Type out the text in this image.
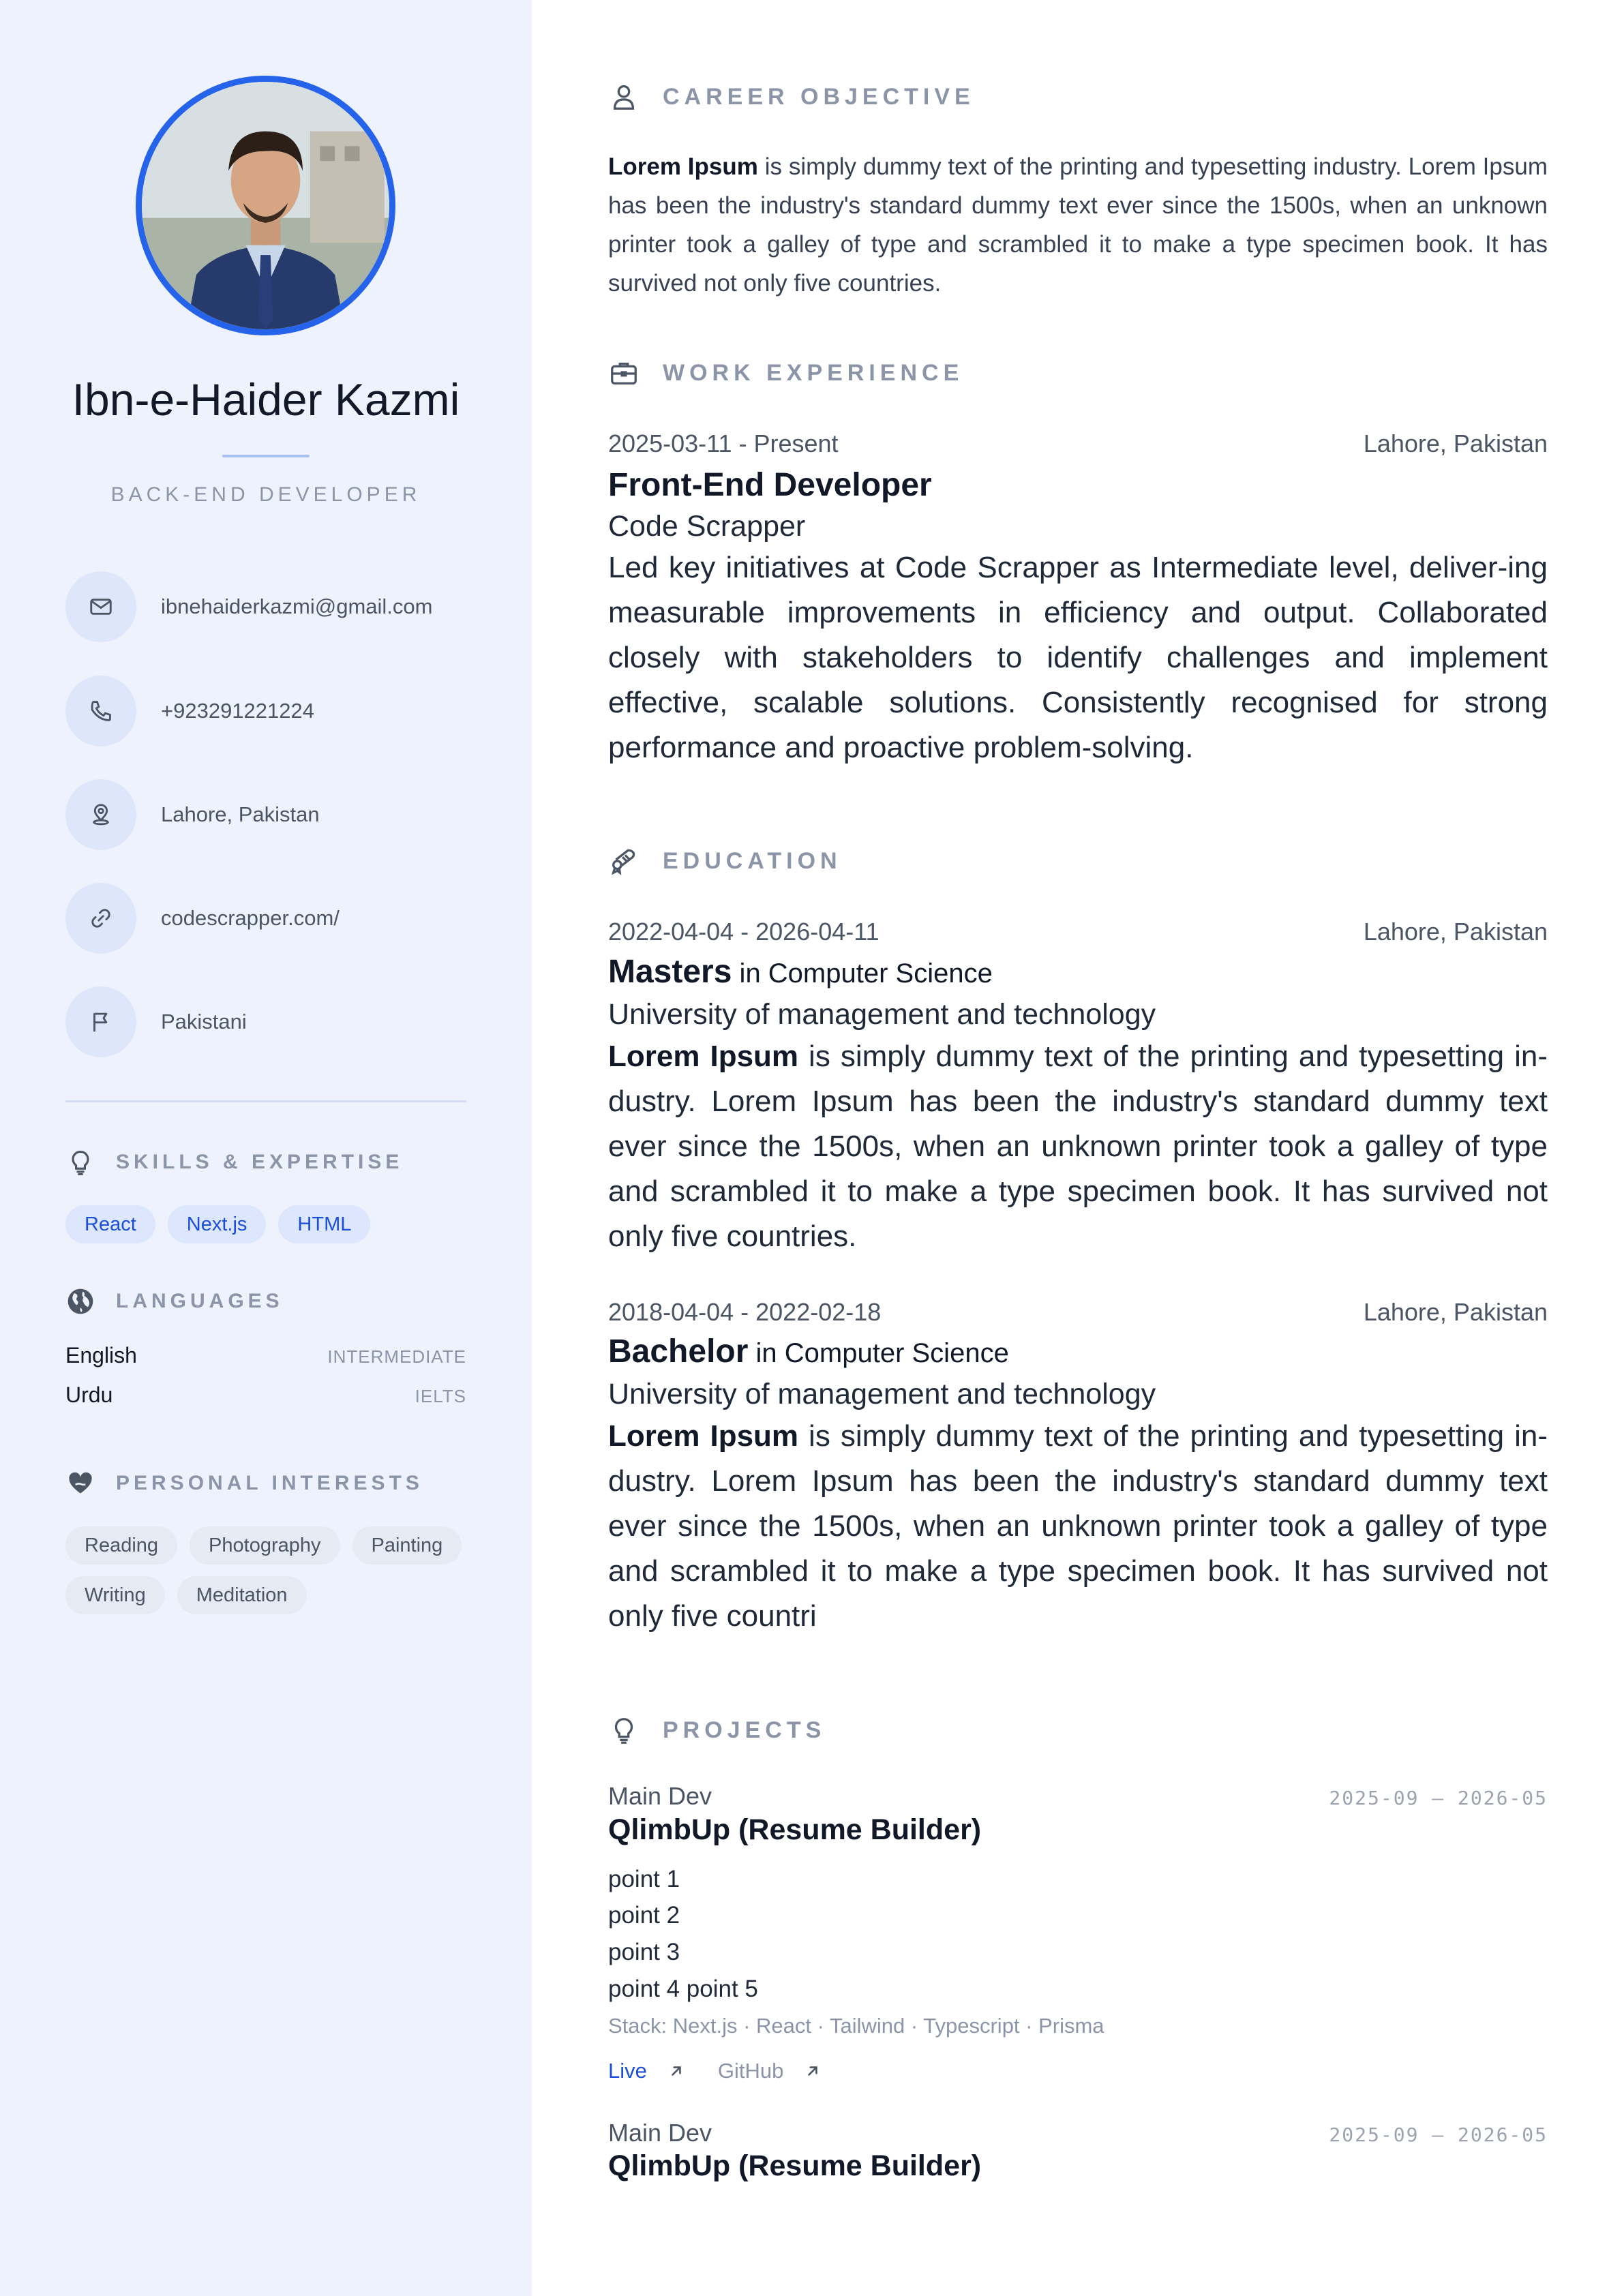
Ibn-e-Haider Kazmi
BACK-END DEVELOPER
ibnehaiderkazmi@gmail.com
+923291221224
Lahore, Pakistan
codescrapper.com/
Pakistani
SKILLS & EXPERTISE
React	Next.js	HTML
LANGUAGES
English	INTERMEDIATE
Urdu	IELTS
PERSONAL INTERESTS
Reading	Photography	Painting
Writing	Meditation
CAREER OBJECTIVE
Lorem Ipsum is simply dummy text of the printing and typesetting industry. Lorem Ipsum has been the industry's standard dummy text ever since the 1500s, when an unknown printer took a galley of type and scrambled it to make a type specimen book. It has survived not only five countries.
WORK EXPERIENCE
2025-03-11 - Present	Lahore, Pakistan
Front-End Developer
Code Scrapper
Led key initiatives at Code Scrapper as Intermediate level, deliver-ing measurable improvements in efficiency and output. Collaborated closely with stakeholders to identify challenges and implement effective, scalable solutions. Consistently recognised for strong performance and proactive problem-solving.
EDUCATION
2022-04-04 - 2026-04-11	Lahore, Pakistan
Masters in Computer Science
University of management and technology
Lorem Ipsum is simply dummy text of the printing and typesetting in-dustry. Lorem Ipsum has been the industry's standard dummy text ever since the 1500s, when an unknown printer took a galley of type and scrambled it to make a type specimen book. It has survived not only five countries.
2018-04-04 - 2022-02-18	Lahore, Pakistan
Bachelor in Computer Science
University of management and technology
Lorem Ipsum is simply dummy text of the printing and typesetting in-dustry. Lorem Ipsum has been the industry's standard dummy text ever since the 1500s, when an unknown printer took a galley of type and scrambled it to make a type specimen book. It has survived not only five countri
PROJECTS
Main Dev	2025-09 — 2026-05
QlimbUp (Resume Builder)
point 1
point 2
point 3
point 4 point 5
Stack: Next.js · React · Tailwind · Typescript · Prisma
Live	GitHub
Main Dev	2025-09 — 2026-05
QlimbUp (Resume Builder)
